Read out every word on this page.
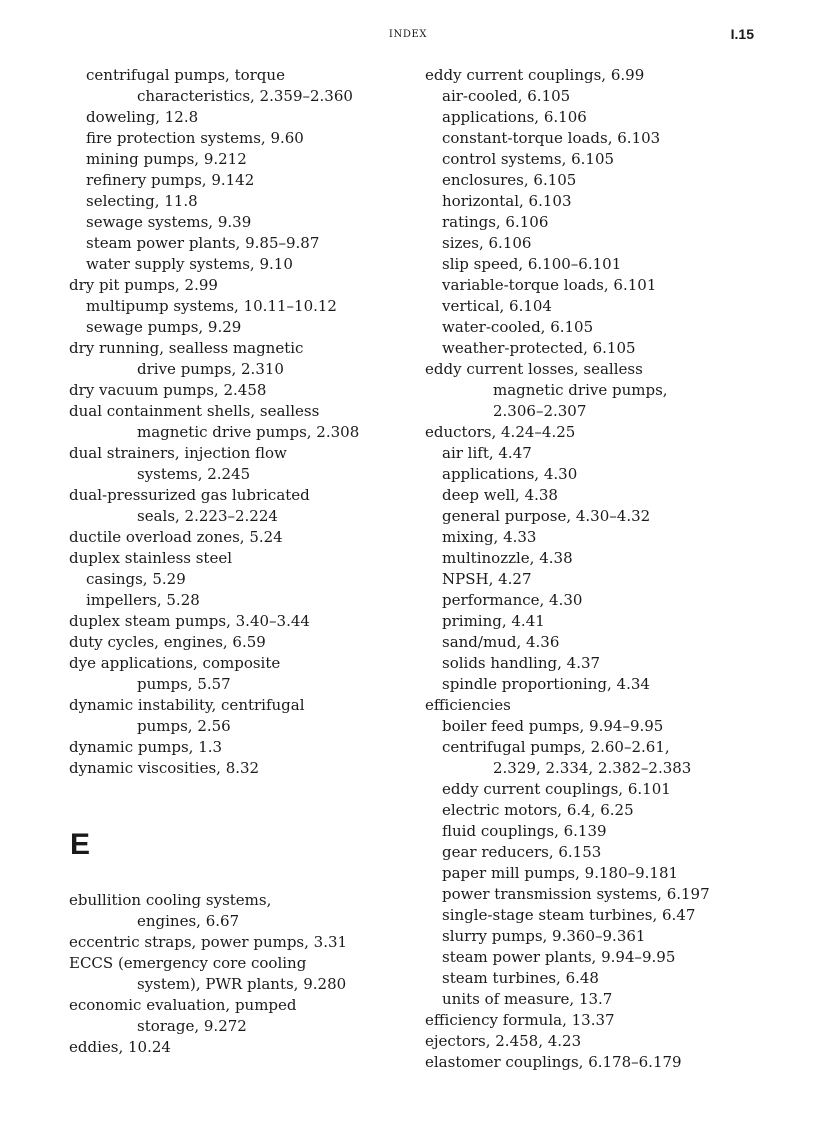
INDEX	I.15
centrifugal pumps, torque
characteristics, 2.359–2.360
doweling, 12.8
fire protection systems, 9.60
mining pumps, 9.212
refinery pumps, 9.142
selecting, 11.8
sewage systems, 9.39
steam power plants, 9.85–9.87
water supply systems, 9.10
dry pit pumps, 2.99
multipump systems, 10.11–10.12
sewage pumps, 9.29
dry running, sealless magnetic
drive pumps, 2.310
dry vacuum pumps, 2.458
dual containment shells, sealless
magnetic drive pumps, 2.308
dual strainers, injection flow
systems, 2.245
dual-pressurized gas lubricated
seals, 2.223–2.224
ductile overload zones, 5.24
duplex stainless steel
casings, 5.29
impellers, 5.28
duplex steam pumps, 3.40–3.44
duty cycles, engines, 6.59
dye applications, composite
pumps, 5.57
dynamic instability, centrifugal
pumps, 2.56
dynamic pumps, 1.3
dynamic viscosities, 8.32
E
ebullition cooling systems,
engines, 6.67
eccentric straps, power pumps, 3.31
ECCS (emergency core cooling
system), PWR plants, 9.280
economic evaluation, pumped
storage, 9.272
eddies, 10.24
eddy current couplings, 6.99
air-cooled, 6.105
applications, 6.106
constant-torque loads, 6.103
control systems, 6.105
enclosures, 6.105
horizontal, 6.103
ratings, 6.106
sizes, 6.106
slip speed, 6.100–6.101
variable-torque loads, 6.101
vertical, 6.104
water-cooled, 6.105
weather-protected, 6.105
eddy current losses, sealless
magnetic drive pumps,
2.306–2.307
eductors, 4.24–4.25
air lift, 4.47
applications, 4.30
deep well, 4.38
general purpose, 4.30–4.32
mixing, 4.33
multinozzle, 4.38
NPSH, 4.27
performance, 4.30
priming, 4.41
sand/mud, 4.36
solids handling, 4.37
spindle proportioning, 4.34
efficiencies
boiler feed pumps, 9.94–9.95
centrifugal pumps, 2.60–2.61,
2.329, 2.334, 2.382–2.383
eddy current couplings, 6.101
electric motors, 6.4, 6.25
fluid couplings, 6.139
gear reducers, 6.153
paper mill pumps, 9.180–9.181
power transmission systems, 6.197
single-stage steam turbines, 6.47
slurry pumps, 9.360–9.361
steam power plants, 9.94–9.95
steam turbines, 6.48
units of measure, 13.7
efficiency formula, 13.37
ejectors, 2.458, 4.23
elastomer couplings, 6.178–6.179
